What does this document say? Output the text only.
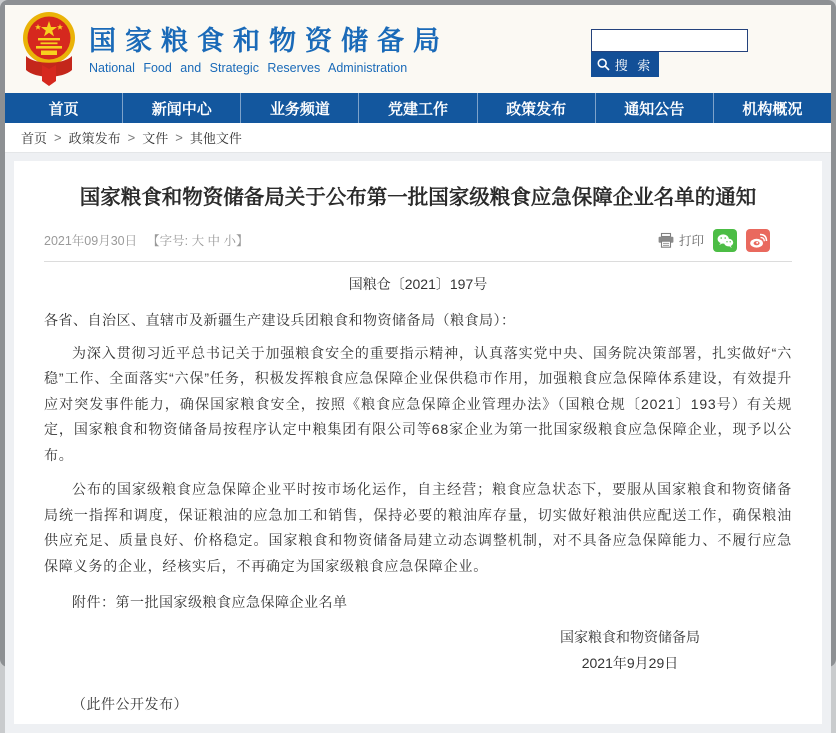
国家粮食和物资储备局
National Food and Strategic Reserves Administration	搜 索
首页	新闻中心	业务频道	党建工作	政策发布	通知公告	机构概况
首页 > 政策发布 > 文件 > 其他文件
国家粮食和物资储备局关于公布第一批国家级粮食应急保障企业名单的通知
2021年09月30日 【字号: 大 中 小】	打印
国粮仓〔2021〕197号
各省、自治区、直辖市及新疆生产建设兵团粮食和物资储备局（粮食局）：

为深入贯彻习近平总书记关于加强粮食安全的重要指示精神，认真落实党中央、国务院决策部署，扎实做好“六稳”工作、全面落实“六保”任务，积极发挥粮食应急保障企业保供稳市作用，加强粮食应急保障体系建设，有效提升应对突发事件能力，确保国家粮食安全，按照《粮食应急保障企业管理办法》（国粮仓规〔2021〕193号）有关规定，国家粮食和物资储备局按程序认定中粮集团有限公司等68家企业为第一批国家级粮食应急保障企业，现予以公布。

公布的国家级粮食应急保障企业平时按市场化运作，自主经营；粮食应急状态下，要服从国家粮食和物资储备局统一指挥和调度，保证粮油的应急加工和销售，保持必要的粮油库存量，切实做好粮油供应配送工作，确保粮油供应充足、质量良好、价格稳定。国家粮食和物资储备局建立动态调整机制，对不具备应急保障能力、不履行应急保障义务的企业，经核实后，不再确定为国家级粮食应急保障企业。

附件：第一批国家级粮食应急保障企业名单
国家粮食和物资储备局
2021年9月29日
（此件公开发布）
